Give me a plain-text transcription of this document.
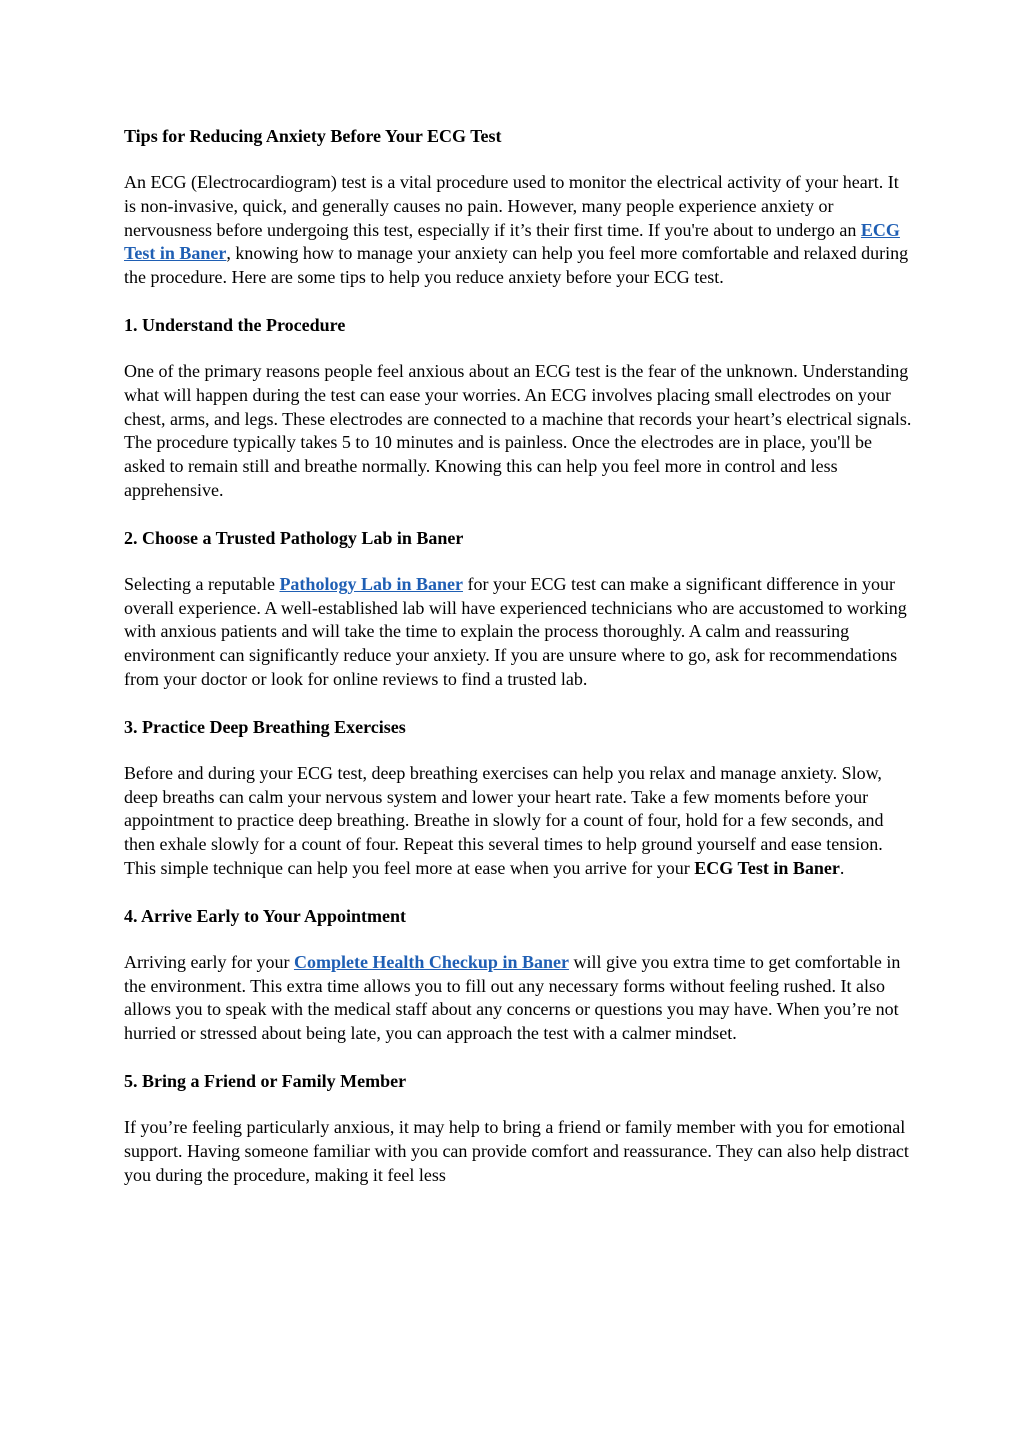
Tips for Reducing Anxiety Before Your ECG Test

An ECG (Electrocardiogram) test is a vital procedure used to monitor the electrical activity of your heart. It is non-invasive, quick, and generally causes no pain. However, many people experience anxiety or nervousness before undergoing this test, especially if it’s their first time. If you're about to undergo an ECG Test in Baner, knowing how to manage your anxiety can help you feel more comfortable and relaxed during the procedure. Here are some tips to help you reduce anxiety before your ECG test.

1. Understand the Procedure

One of the primary reasons people feel anxious about an ECG test is the fear of the unknown. Understanding what will happen during the test can ease your worries. An ECG involves placing small electrodes on your chest, arms, and legs. These electrodes are connected to a machine that records your heart’s electrical signals. The procedure typically takes 5 to 10 minutes and is painless. Once the electrodes are in place, you'll be asked to remain still and breathe normally. Knowing this can help you feel more in control and less apprehensive.

2. Choose a Trusted Pathology Lab in Baner

Selecting a reputable Pathology Lab in Baner for your ECG test can make a significant difference in your overall experience. A well-established lab will have experienced technicians who are accustomed to working with anxious patients and will take the time to explain the process thoroughly. A calm and reassuring environment can significantly reduce your anxiety. If you are unsure where to go, ask for recommendations from your doctor or look for online reviews to find a trusted lab.

3. Practice Deep Breathing Exercises

Before and during your ECG test, deep breathing exercises can help you relax and manage anxiety. Slow, deep breaths can calm your nervous system and lower your heart rate. Take a few moments before your appointment to practice deep breathing. Breathe in slowly for a count of four, hold for a few seconds, and then exhale slowly for a count of four. Repeat this several times to help ground yourself and ease tension. This simple technique can help you feel more at ease when you arrive for your ECG Test in Baner.

4. Arrive Early to Your Appointment

Arriving early for your Complete Health Checkup in Baner will give you extra time to get comfortable in the environment. This extra time allows you to fill out any necessary forms without feeling rushed. It also allows you to speak with the medical staff about any concerns or questions you may have. When you’re not hurried or stressed about being late, you can approach the test with a calmer mindset.

5. Bring a Friend or Family Member

If you’re feeling particularly anxious, it may help to bring a friend or family member with you for emotional support. Having someone familiar with you can provide comfort and reassurance. They can also help distract you during the procedure, making it feel less
